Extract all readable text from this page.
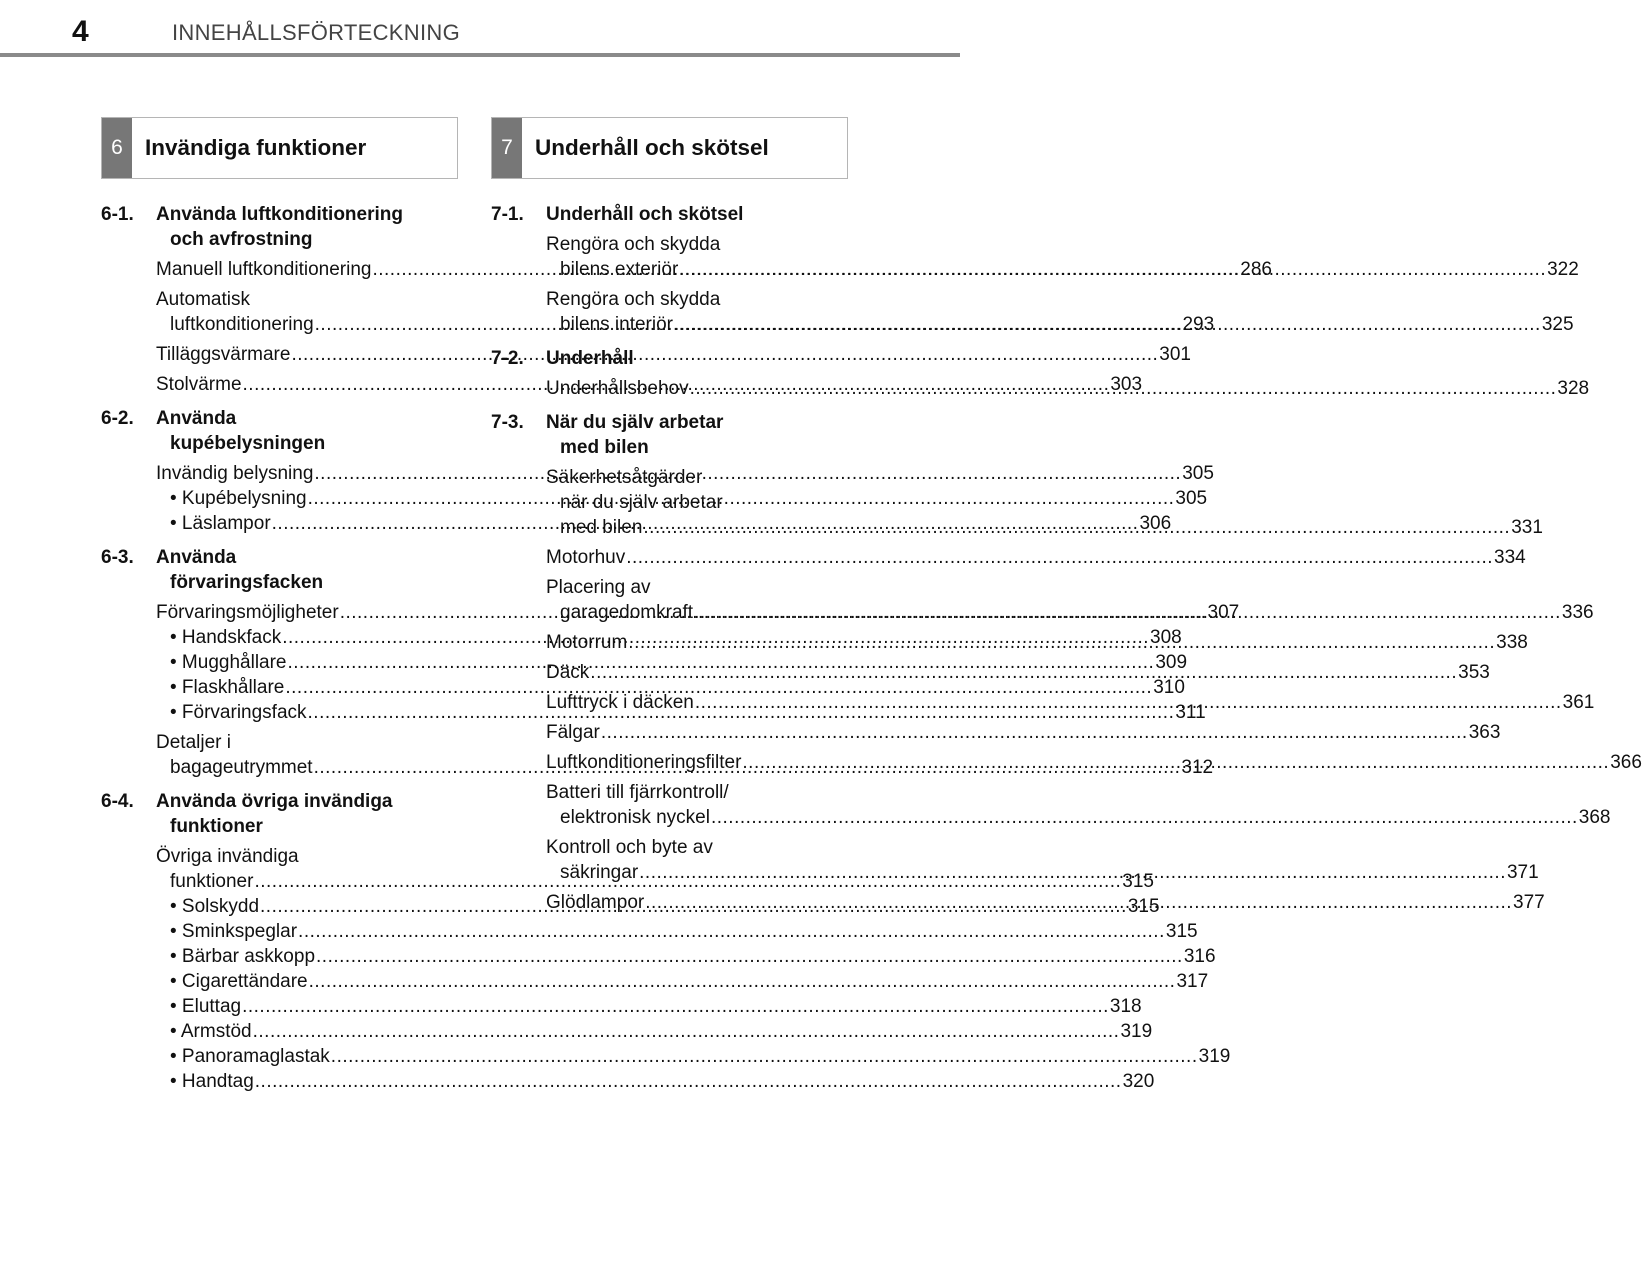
4	INNEHÅLLSFÖRTECKNING
6 Invändiga funktioner	7 Underhåll och skötsel
6-1. Använda luftkonditionering
och avfrostning
Manuell luftkonditionering .....	286
Automatisk
luftkonditionering .....	293
Tilläggsvärmare .....	301
Stolvärme .....	303
6-2. Använda
kupébelysningen
Invändig belysning .....	305
• Kupébelysning .....	305
• Läslampor .....	306
6-3. Använda
förvaringsfacken
Förvaringsmöjligheter .....	307
• Handskfack .....	308
• Mugghållare .....	309
• Flaskhållare .....	310
• Förvaringsfack .....	311
Detaljer i
bagageutrymmet .....	312
6-4. Använda övriga invändiga
funktioner
Övriga invändiga
funktioner .....	315
• Solskydd .....	315
• Sminkspeglar .....	315
• Bärbar askkopp .....	316
• Cigarettändare .....	317
• Eluttag .....	318
• Armstöd .....	319
• Panoramaglastak .....	319
• Handtag .....	320
7-1. Underhåll och skötsel
Rengöra och skydda
bilens exteriör .....	322
Rengöra och skydda
bilens interiör .....	325
7-2. Underhåll
Underhållsbehov .....	328
7-3. När du själv arbetar
med bilen
Säkerhetsåtgärder
när du själv arbetar
med bilen .....	331
Motorhuv .....	334
Placering av
garagedomkraft .....	336
Motorrum .....	338
Däck .....	353
Lufttryck i däcken .....	361
Fälgar .....	363
Luftkonditioneringsfilter .....	366
Batteri till fjärrkontroll/
elektronisk nyckel .....	368
Kontroll och byte av
säkringar .....	371
Glödlampor .....	377
